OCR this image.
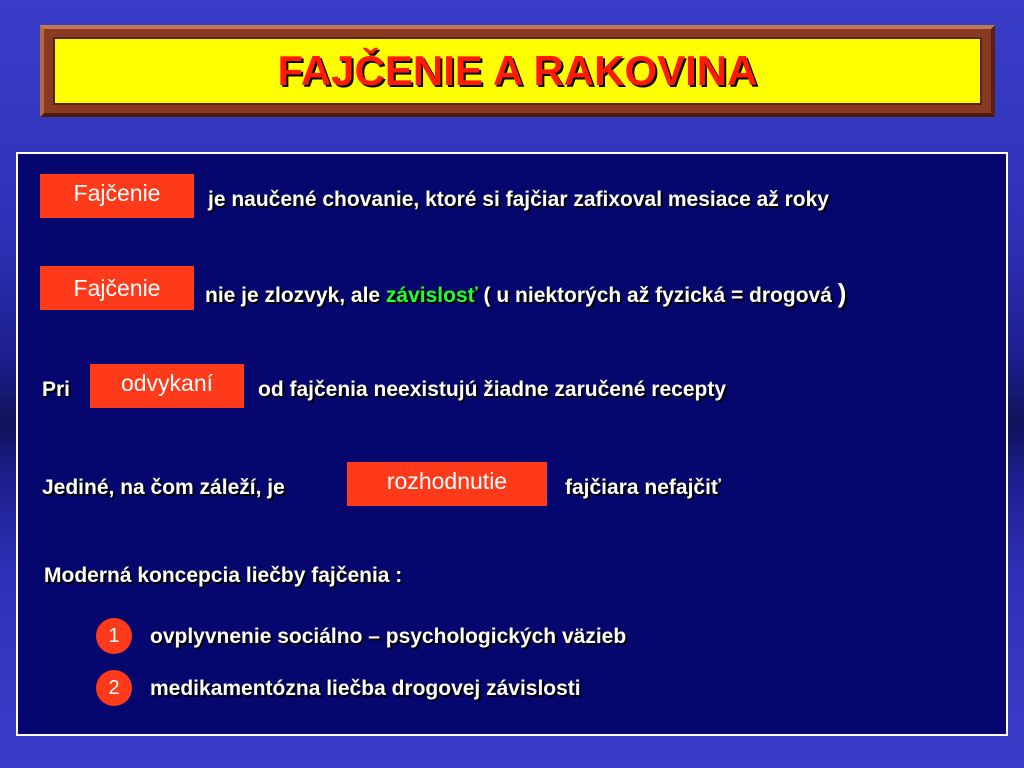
FAJČENIE A RAKOVINA
Fajčenie	je naučené chovanie, ktoré si fajčiar zafixoval mesiace až roky
Fajčenie	nie je zlozvyk, ale závislosť ( u niektorých až fyzická = drogová )
Pri	odvykaní	od fajčenia neexistujú žiadne zaručené recepty
Jediné, na čom záleží, je	rozhodnutie	fajčiara nefajčiť
Moderná koncepcia liečby fajčenia :
1	ovplyvnenie sociálno – psychologických väzieb
2	medikamentózna liečba drogovej závislosti
